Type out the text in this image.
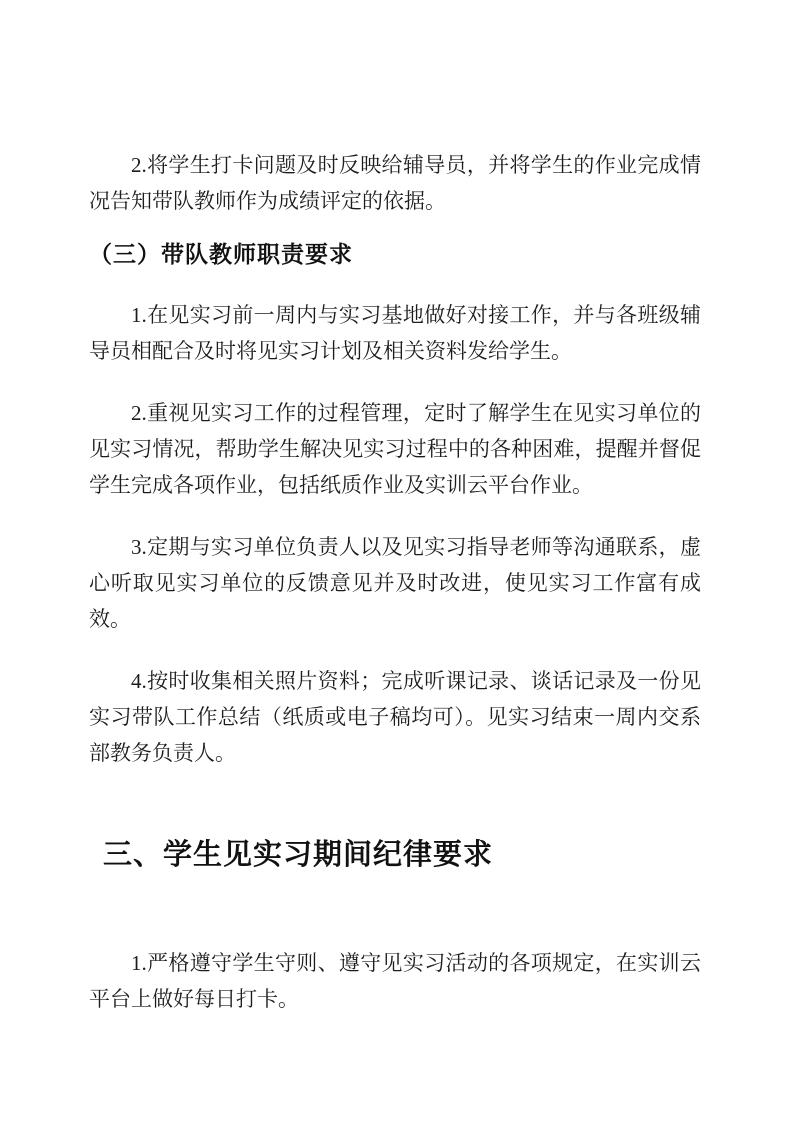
2.将学生打卡问题及时反映给辅导员，并将学生的作业完成情况告知带队教师作为成绩评定的依据。

（三）带队教师职责要求

1.在见实习前一周内与实习基地做好对接工作，并与各班级辅导员相配合及时将见实习计划及相关资料发给学生。

2.重视见实习工作的过程管理，定时了解学生在见实习单位的见实习情况，帮助学生解决见实习过程中的各种困难，提醒并督促学生完成各项作业，包括纸质作业及实训云平台作业。

3.定期与实习单位负责人以及见实习指导老师等沟通联系，虚心听取见实习单位的反馈意见并及时改进，使见实习工作富有成效。

4.按时收集相关照片资料；完成听课记录、谈话记录及一份见实习带队工作总结（纸质或电子稿均可）。见实习结束一周内交系部教务负责人。

三、学生见实习期间纪律要求

1.严格遵守学生守则、遵守见实习活动的各项规定，在实训云平台上做好每日打卡。
